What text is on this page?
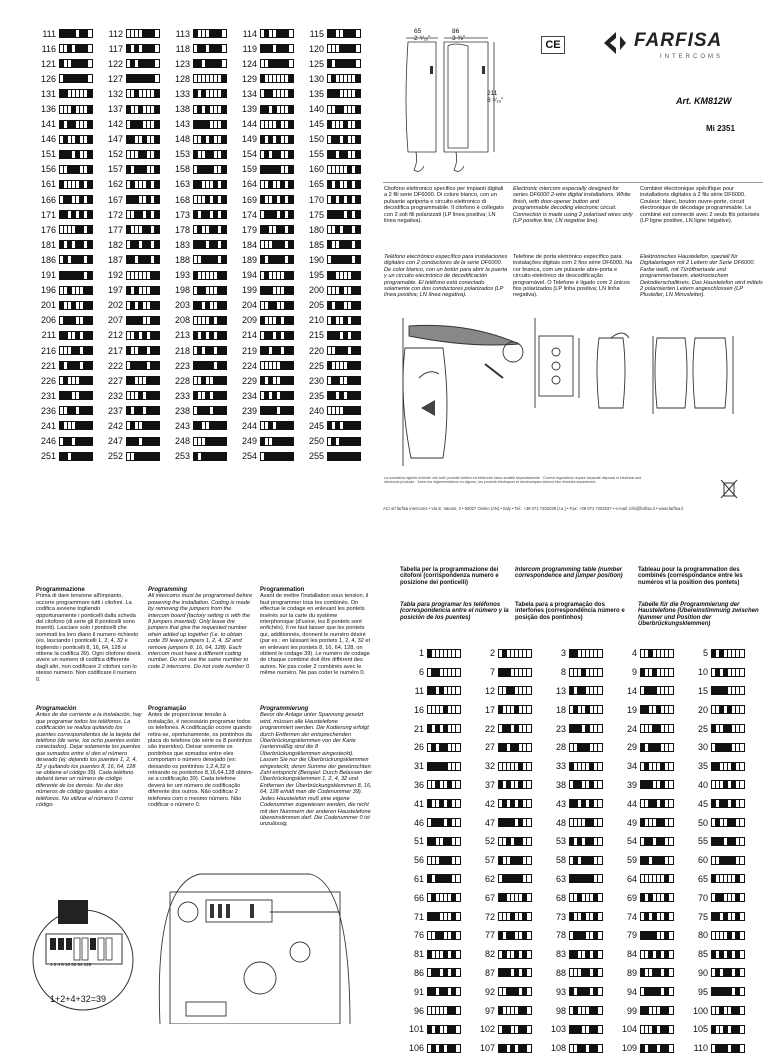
111	112	113	114	115
116	117	118	119	120
121	122	123	124	125
126	127	128	129	130
131	132	133	134	135
136	137	138	139	140
141	142	143	144	145
146	147	148	149	150
151	152	153	154	155
156	157	158	159	160
161	162	163	164	165
166	167	168	169	170
171	172	173	174	175
176	177	178	179	180
181	182	183	184	185
186	187	188	189	190
191	192	193	194	195
196	197	198	199	200
201	202	203	204	205
206	207	208	209	210
211	212	213	214	215
216	217	218	219	220
221	222	223	224	225
226	227	228	229	230
231	232	233	234	235
236	237	238	239	240
241	242	243	244	245
246	247	248	249	250
251	252	253	254	255
65
2 ⁹⁄₁₆"
86
3 ⅜"
211
8 ⁵⁄₁₆"
CE	FARFISA
INTERCOMS
Art. KM812W
Mi 2351
Citofono elettronico specifico per impianti digitali a 2 fili serie DF6000. Di colore bianco, con un pulsante apriporta e circuito elettronico di decodifica programmabile. Il citofono è collegato con 2 soli fili polarizzati (LP linea positiva; LN linea negativa).
Electronic intercom especially designed for series DF6000 2-wire digital installations. White finish, with door-opener button and programmable decoding electronic circuit. Connection is made using 2 polarised wires only (LP positive line; LN negative line).
Combiné électronique spécifique pour installations digitales à 2 fils série DF6000. Couleur: blanc, bouton ouvre-porte, circuit électronique de décodage programmable. Le combiné est connecté avec 2 seuls fils polarisés (LP ligne positive, LN ligne négative).
Teléfono electrónico específico para instalaciones digitales con 2 conductores de la serie DF6000. De color blanco, con un botón para abrir la puerta y un circuito electrónico de decodificación programable. El teléfono está conectado solamente con dos conductores polarizados (LP línea positiva; LN línea negativa).
Telefone de porta eletrónico específico para instalações digitais com 2 fios série DF6000. Na cor branca, com um pulsante abre-porta e circuito eletrónico de descodificação programável. O Telefone é ligado com 2 únicos fios polarizados (LP linha positiva; LN linha negativa).
Elektronisches Haustelefon, speziell für Digitalanlagen mit 2 Leitern der Serie DF6000. Farbe weiß, mit Türöffnertaste und programmierbarem, elektronischem Dekodierschaltkreis. Das Haustelefon wird mittels 2 polarisierten Leitern angeschlossen (LP Pluslelter, LN Minusleiter).
La normativa vigente richiede che tutti i prodotti elettrici ed elettronici siano smaltiti separatamente · Current regulations require separate disposal of electrical and electronic products · Selon les réglementations en vigueur, les produits électriques et électroniques doivent être éliminés séparément.
ACI srl farfisa intercoms • Via E. Vanoni, 3 • 60027 Osimo (AN) • Italy • Tel.: +39 071 7202038 (r.a.) • Fax: +39 071 7202037 • e-mail: info@farfisa.it • www.farfisa.it
Programmazione
Prima di dare tensione all'impianto, occorre programmare tutti i citofoni. La codifica avviene togliendo opportunamente i ponticelli dalla scheda del citofono (di serie gli 8 ponticelli sono inseriti). Lasciare solo i ponticelli che sommati tra loro diano il numero richiesto (es. lasciando i ponticelli 1, 2, 4, 32 e togliendo i ponticelli 8, 16, 64, 128 si ottiene la codifica 39). Ogni citofono dovrà avere un numero di codifica differente dagli altri, non codificare 2 citofoni con lo stesso numero. Non codificare il numero 0.
Programming
All intercoms must be programmed before powering the installation. Coding is made by removing the jumpers from the intercom board (factory setting is with the 8 jumpers inserted). Only leave the jumpers that give the requested number when added up together (i.e. to obtain code 39 leave jumpers 1, 2, 4, 32 and remove jumpers 8, 16, 64, 128). Each intercom must have a different coding number. Do not use the same number to code 2 intercoms. Do not code number 0.
Programmation
Avant de mettre l'installation sous tension, il faut programmer tous les combinés. On effectue le codage en enlevant les pontets insérés sur la carte du système interphonique (d'usine, les 8 pontets sont enfichés). Il ne faut laisser que les pontets qui, additionnés, donnent le numéro désiré (par ex.: en laissant les pontets 1, 2, 4, 32 et en enlevant les pontets 8, 16, 64, 128, on obtient le codage 39). Le numéro de codage de chaque combiné doit être différent des autres. Ne pas coder 2 combinés avec le même numéro. Ne pas coder le numéro 0.
Programación
Antes de dar corriente a la instalación, hay que programar todos los teléfonos. La codificación se realiza quitando los puentes correspondientes de la tarjeta del teléfono (de serie, los ocho puentes están conectados). Dejar solamente los puentes que sumados entre sí den el número deseado (ej: dejando los puentes 1, 2, 4, 32 y quitando los puentes 8, 16, 64, 128 se obtiene el código 39). Cada teléfono deberá tener un número de código diferente de los demás. No dar dos números de código iguales a dos teléfonos. No utilizar el número 0 como código.
Programação
Antes de proporcionar tensão à instalação, é necessário programar todos os telefones. A codificação ocorre quando retira-se, oportunamente, os pontinhos da placa do telefone (de série os 8 pontinhos são inseridos). Deixar somente os pontinhos que somados entre eles comportam o número desejado (ex: deixando os pontinhos 1,2,4,32 e retirando os pontinhos 8,16,64,128 obtém-se a codificação 39). Cada telefone deverá ter um número de codificação diferente dos outros. Não codificar 2 telefones com o mesmo número. Não codificar o número 0.
Programmierung
Bevor die Anlage unter Spannung gesetzt wird, müssen alle Haustelefone programmiert werden. Die Kodierung erfolgt durch Entfernen der entsprechenden Überbrückungsklemmen von der Karte (serienmäßig sind die 8 Überbrückungsklemmen eingesteckt). Lassen Sie nur die Überbrückungsklemmen eingesteckt, deren Summe der gewünschten Zahl entspricht (Beispiel: Durch Belassen der Überbrückungsklemmen 1, 2, 4, 32 und Entfernen der Überbrückungsklemmen 8, 16, 64, 128 erhält man die Codenummer 39). Jedes Haustelefon muß eine eigene Codenummer zugewiesen werden, die nicht mit den Nummern der anderen Haustelefone übereinstimmen darf. Die Codenummer 0 ist unzulässig.
1 2 4 8 16 32 64 128
1+2+4+32=39
Tabella per la programmazione dei citofoni (corrispondenza numero e posizione dei ponticelli)
Intercom programming table (number correspondence and jumper position)
Tableau pour la programmation des combinés (correspondance entre les numéros et la position des pontets)
Tabla para programar los teléfonos (correspondencia entre el número y la posición de los puentes)
Tabela para a programação dos interfones (correspondência número e posição dos pontinhos)
Tabelle für die Programmierung der Haustelefone (Übereinstimmung zwischen Nummer und Position der Überbrückungsklemmen)
1	2	3	4	5
6	7	8	9	10
11	12	13	14	15
16	17	18	19	20
21	22	23	24	25
26	27	28	29	30
31	32	33	34	35
36	37	38	39	40
41	42	43	44	45
46	47	48	49	50
51	52	53	54	55
56	57	58	59	60
61	62	63	64	65
66	67	68	69	70
71	72	73	74	75
76	77	78	79	80
81	82	83	84	85
86	87	88	89	90
91	92	93	94	95
96	97	98	99	100
101	102	103	104	105
106	107	108	109	110
